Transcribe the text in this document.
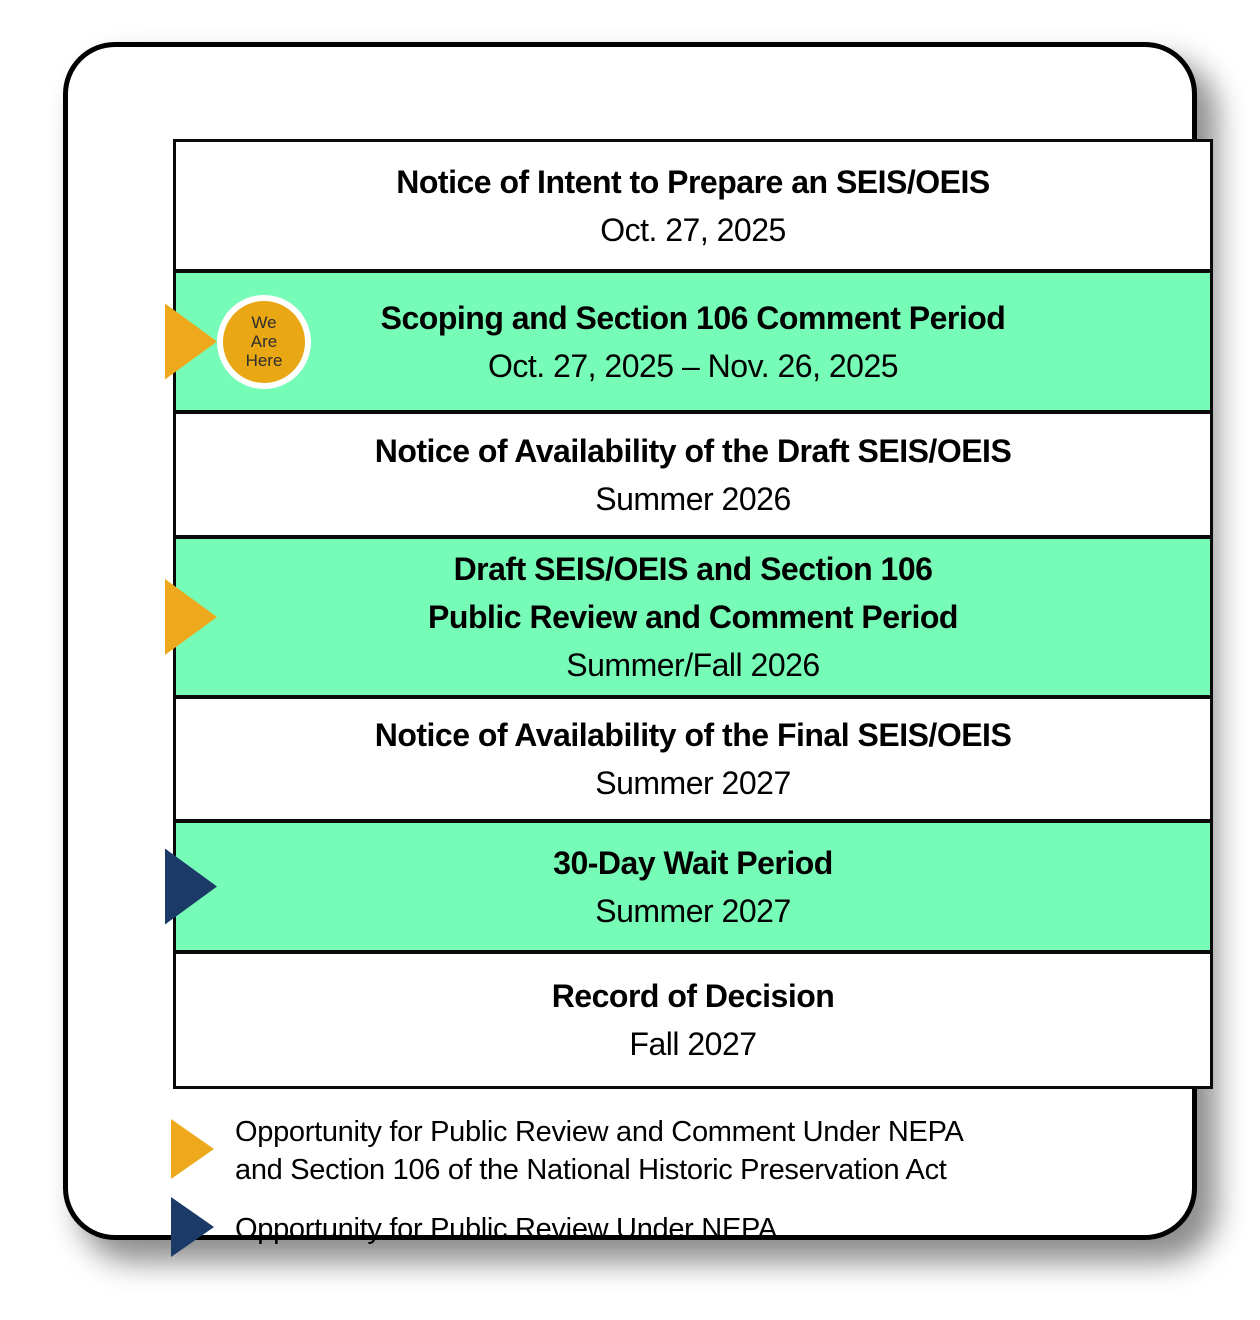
Notice of Intent to Prepare an SEIS/OEIS
Oct. 27, 2025
We
Are
Here
Scoping and Section 106 Comment Period
Oct. 27, 2025 – Nov. 26, 2025
Notice of Availability of the Draft SEIS/OEIS
Summer 2026
Draft SEIS/OEIS and Section 106
Public Review and Comment Period
Summer/Fall 2026
Notice of Availability of the Final SEIS/OEIS
Summer 2027
30-Day Wait Period
Summer 2027
Record of Decision
Fall 2027
Opportunity for Public Review and Comment Under NEPA
and Section 106 of the National Historic Preservation Act
Opportunity for Public Review Under NEPA
